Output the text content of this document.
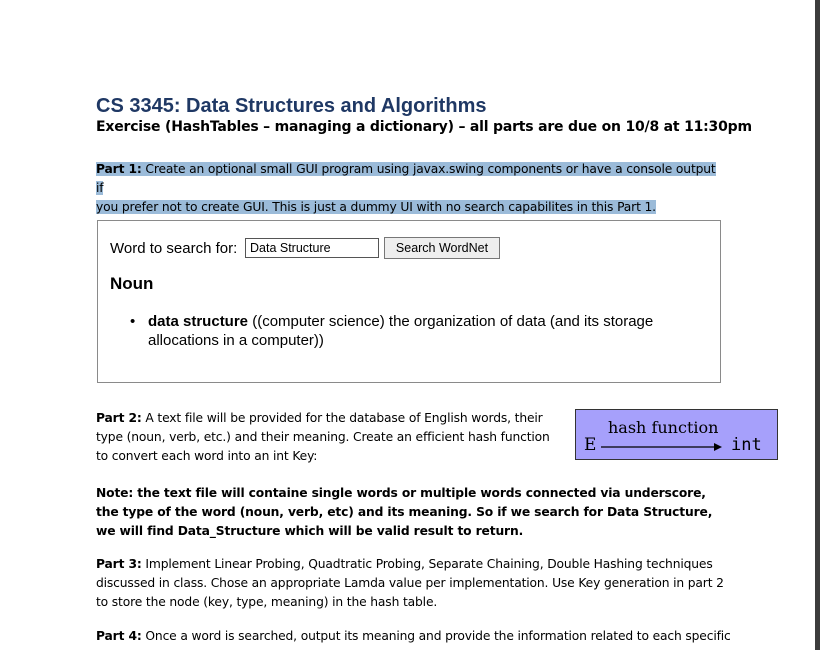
CS 3345: Data Structures and Algorithms
Exercise (HashTables – managing a dictionary) – all parts are due on 10/8 at 11:30pm
Part 1: Create an optional small GUI program using javax.swing components or have a console output if
you prefer not to create GUI. This is just a dummy UI with no search capabilites in this Part 1.
Word to search for:
Data Structure	Search WordNet
Noun
• data structure ((computer science) the organization of data (and its storage allocations in a computer))
Part 2: A text file will be provided for the database of English words, their type (noun, verb, etc.) and their meaning. Create an efficient hash function to convert each word into an int Key:
hash function
E	int
Note: the text file will containe single words or multiple words connected via underscore, the type of the word (noun, verb, etc) and its meaning. So if we search for Data Structure, we will find Data_Structure which will be valid result to return.
Part 3: Implement Linear Probing, Quadtratic Probing, Separate Chaining, Double Hashing techniques discussed in class. Chose an appropriate Lamda value per implementation. Use Key generation in part 2 to store the node (key, type, meaning) in the hash table.
Part 4: Once a word is searched, output its meaning and provide the information related to each specific
